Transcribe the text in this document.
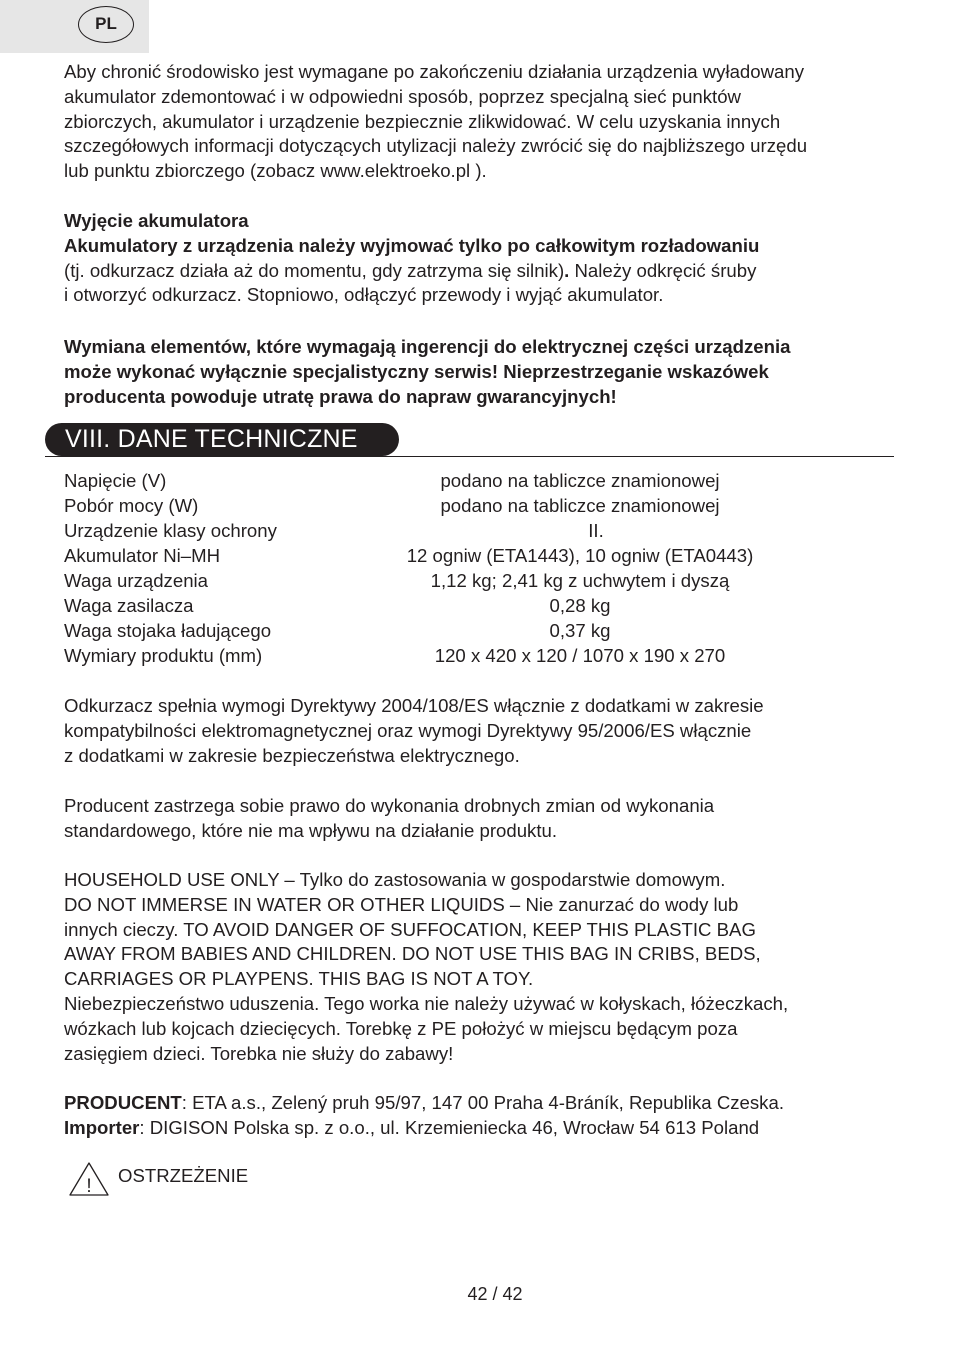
PL

Aby chronić środowisko jest wymagane po zakończeniu działania urządzenia wyładowany

akumulator zdemontować i w odpowiedni sposób, poprzez specjalną sieć punktów

zbiorczych, akumulator i urządzenie bezpiecznie zlikwidować. W celu uzyskania innych

szczegółowych informacji dotyczących utylizacji należy zwrócić się do najbliższego urzędu

lub punktu zbiorczego (zobacz www.elektroeko.pl ).

Wyjęcie akumulatora

Akumulatory z urządzenia należy wyjmować tylko po całkowitym rozładowaniu

(tj. odkurzacz działa aż do momentu, gdy zatrzyma się silnik). Należy odkręcić śruby

i otworzyć odkurzacz. Stopniowo, odłączyć przewody i wyjąć akumulator.

Wymiana elementów, które wymagają ingerencji do elektrycznej części urządzenia

może wykonać wyłącznie specjalistyczny serwis! Nieprzestrzeganie wskazówek

producenta powoduje utratę prawa do napraw gwarancyjnych!

VIII. DANE TECHNICZNE
Napięcie (V)	podano na tabliczce znamionowej
Pobór mocy (W)	podano na tabliczce znamionowej
Urządzenie klasy ochrony	II.
Akumulator Ni–MH	12 ogniw (ETA1443), 10 ogniw (ETA0443)
Waga urządzenia	1,12 kg; 2,41 kg z uchwytem i dyszą
Waga zasilacza	0,28 kg
Waga stojaka ładującego	0,37 kg
Wymiary produktu (mm)	120 x 420 x 120 / 1070 x 190 x 270

Odkurzacz spełnia wymogi Dyrektywy 2004/108/ES włącznie z dodatkami w zakresie

kompatybilności elektromagnetycznej oraz wymogi Dyrektywy 95/2006/ES włącznie

z dodatkami w zakresie bezpieczeństwa elektrycznego.

Producent zastrzega sobie prawo do wykonania drobnych zmian od wykonania

standardowego, które nie ma wpływu na działanie produktu.

HOUSEHOLD USE ONLY – Tylko do zastosowania w gospodarstwie domowym.

DO NOT IMMERSE IN WATER OR OTHER LIQUIDS – Nie zanurzać do wody lub

innych cieczy. TO AVOID DANGER OF SUFFOCATION, KEEP THIS PLASTIC BAG

AWAY FROM BABIES AND CHILDREN. DO NOT USE THIS BAG IN CRIBS, BEDS,

CARRIAGES OR PLAYPENS. THIS BAG IS NOT A TOY.

Niebezpieczeństwo uduszenia. Tego worka nie należy używać w kołyskach, łóżeczkach,

wózkach lub kojcach dziecięcych. Torebkę z PE położyć w miejscu będącym poza

zasięgiem dzieci. Torebka nie służy do zabawy!

PRODUCENT: ETA a.s., Zelený pruh 95/97, 147 00 Praha 4-Bráník, Republika Czeska.

Importer: DIGISON Polska sp. z o.o., ul. Krzemieniecka 46, Wrocław 54 613 Poland

!
OSTRZEŻENIE
42 / 42
